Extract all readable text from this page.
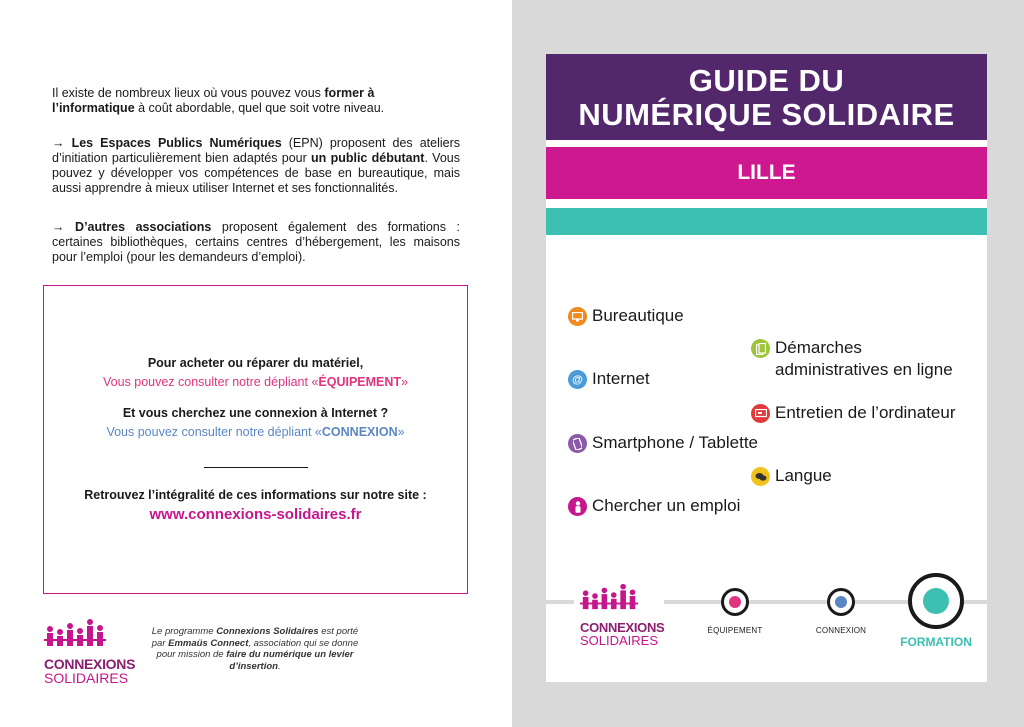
Il existe de nombreux lieux où vous pouvez vous former à l’informatique à coût abordable, quel que soit votre niveau.
→ Les Espaces Publics Numériques (EPN) proposent des ateliers d’initiation particulièrement bien adaptés pour un public débutant. Vous pouvez y développer vos compétences de base en bureautique, mais aussi apprendre à mieux utiliser Internet et ses fonctionnalités.
→ D’autres associations proposent également des formations : certaines bibliothèques, certains centres d’hébergement, les maisons pour l’emploi (pour les demandeurs d’emploi).
Pour acheter ou réparer du matériel,
Vous pouvez consulter notre dépliant «ÉQUIPEMENT»
Et vous cherchez une connexion à Internet ?
Vous pouvez consulter notre dépliant «CONNEXION»
Retrouvez l’intégralité de ces informations sur notre site :
www.connexions-solidaires.fr
CONNEXIONS
SOLIDAIRES
Le programme Connexions Solidaires est porté par Emmaüs Connect, association qui se donne pour mission de faire du numérique un levier d’insertion.
GUIDE DU
NUMÉRIQUE SOLIDAIRE
LILLE
Bureautique
@ Internet
Smartphone / Tablette
Chercher un emploi
Démarches
administratives en ligne
Entretien de l’ordinateur
Langue
CONNEXIONS
SOLIDAIRES
ÉQUIPEMENT	CONNEXION
FORMATION
